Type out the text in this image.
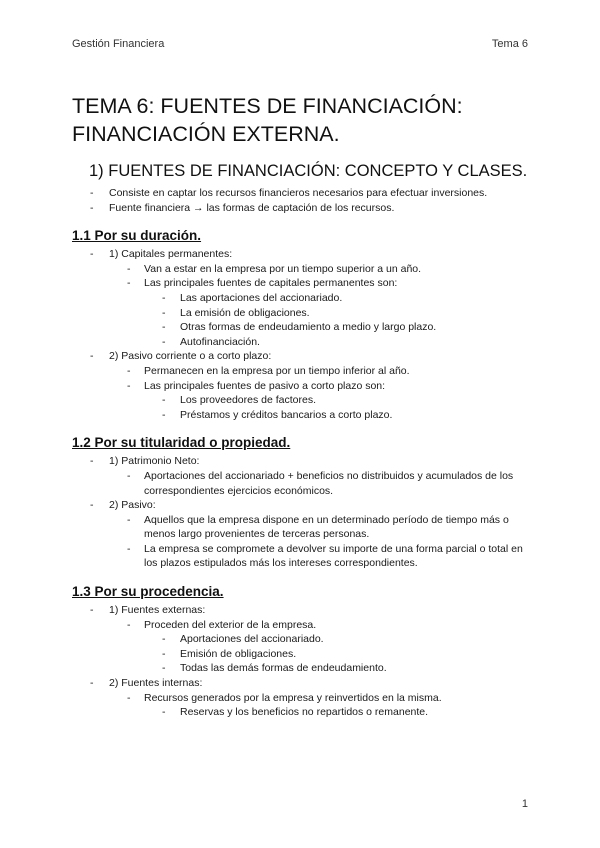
Gestión Financiera	Tema 6
TEMA 6: FUENTES DE FINANCIACIÓN:
FINANCIACIÓN EXTERNA.
1) FUENTES DE FINANCIACIÓN: CONCEPTO Y CLASES.
- Consiste en captar los recursos financieros necesarios para efectuar inversiones.
- Fuente financiera → las formas de captación de los recursos.
1.1 Por su duración.
- 1) Capitales permanentes:
- Van a estar en la empresa por un tiempo superior a un año.
- Las principales fuentes de capitales permanentes son:
- Las aportaciones del accionariado.
- La emisión de obligaciones.
- Otras formas de endeudamiento a medio y largo plazo.
- Autofinanciación.
- 2) Pasivo corriente o a corto plazo:
- Permanecen en la empresa por un tiempo inferior al año.
- Las principales fuentes de pasivo a corto plazo son:
- Los proveedores de factores.
- Préstamos y créditos bancarios a corto plazo.
1.2 Por su titularidad o propiedad.
- 1) Patrimonio Neto:
- Aportaciones del accionariado + beneficios no distribuidos y acumulados de los correspondientes ejercicios económicos.
- 2) Pasivo:
- Aquellos que la empresa dispone en un determinado período de tiempo más o menos largo provenientes de terceras personas.
- La empresa se compromete a devolver su importe de una forma parcial o total en los plazos estipulados más los intereses correspondientes.
1.3 Por su procedencia.
- 1) Fuentes externas:
- Proceden del exterior de la empresa.
- Aportaciones del accionariado.
- Emisión de obligaciones.
- Todas las demás formas de endeudamiento.
- 2) Fuentes internas:
- Recursos generados por la empresa y reinvertidos en la misma.
- Reservas y los beneficios no repartidos o remanente.
1
